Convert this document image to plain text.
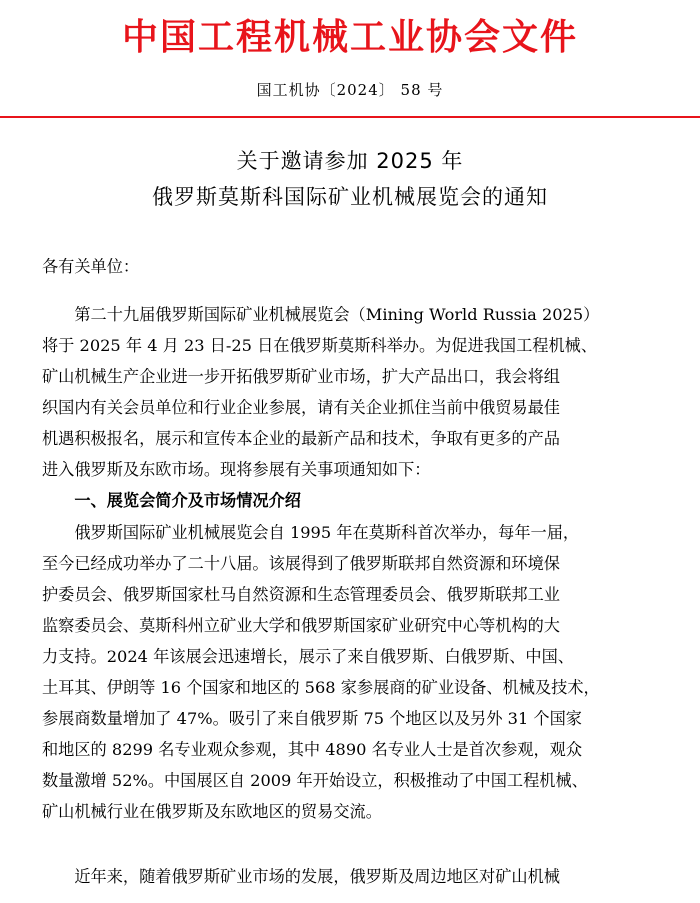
中国工程机械工业协会文件
国工机协〔2024〕 58 号
关于邀请参加 2025 年
俄罗斯莫斯科国际矿业机械展览会的通知
各有关单位：
　　第二十九届俄罗斯国际矿业机械展览会（Mining World Russia 2025）
将于 2025 年 4 月 23 日-25 日在俄罗斯莫斯科举办。为促进我国工程机械、
矿山机械生产企业进一步开拓俄罗斯矿业市场，扩大产品出口，我会将组
织国内有关会员单位和行业企业参展，请有关企业抓住当前中俄贸易最佳
机遇积极报名，展示和宣传本企业的最新产品和技术，争取有更多的产品
进入俄罗斯及东欧市场。现将参展有关事项通知如下：
　　一、展览会简介及市场情况介绍
　　俄罗斯国际矿业机械展览会自 1995 年在莫斯科首次举办，每年一届，
至今已经成功举办了二十八届。该展得到了俄罗斯联邦自然资源和环境保
护委员会、俄罗斯国家杜马自然资源和生态管理委员会、俄罗斯联邦工业
监察委员会、莫斯科州立矿业大学和俄罗斯国家矿业研究中心等机构的大
力支持。2024 年该展会迅速增长，展示了来自俄罗斯、白俄罗斯、中国、
土耳其、伊朗等 16 个国家和地区的 568 家参展商的矿业设备、机械及技术，
参展商数量增加了 47%。吸引了来自俄罗斯 75 个地区以及另外 31 个国家
和地区的 8299 名专业观众参观，其中 4890 名专业人士是首次参观，观众
数量激增 52%。中国展区自 2009 年开始设立，积极推动了中国工程机械、
矿山机械行业在俄罗斯及东欧地区的贸易交流。
　　近年来，随着俄罗斯矿业市场的发展，俄罗斯及周边地区对矿山机械
